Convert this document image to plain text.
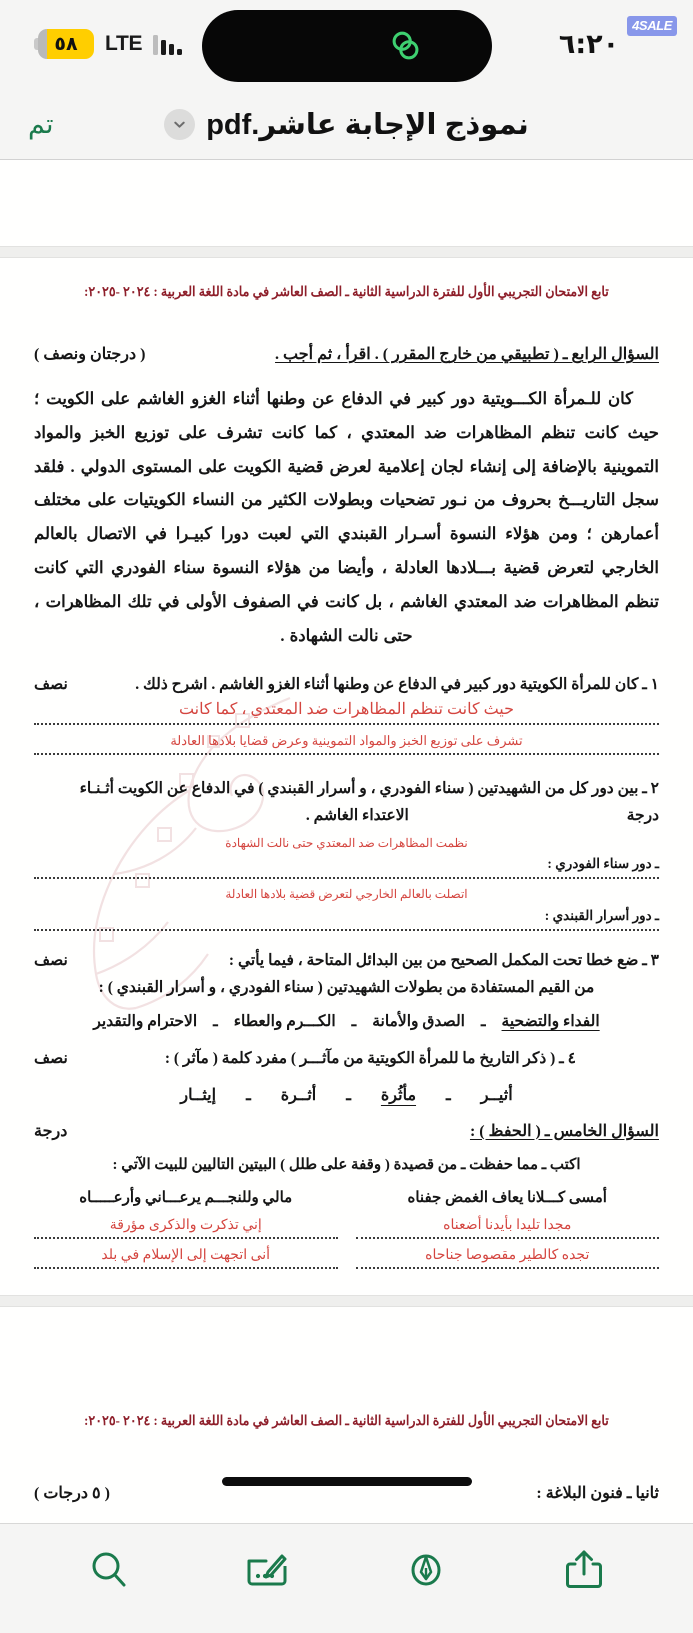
٥٨ LTE	٦:٢٠
4SALE
تم	نموذج الإجابة عاشر.pdf
تابع الامتحان التجريبي الأول للفترة الدراسية الثانية ـ الصف العاشر في مادة اللغة العربية : ٢٠٢٤ -٢٠٢٥:
السؤال الرابع ـ ( تطبيقي من خارج المقرر ) . اقرأ ، ثم أجب .
( درجتان ونصف )

كان للـمرأة الكـــويتية دور كبير في الدفاع عن وطنها أثناء الغزو الغاشم على الكويت ؛ حيث كانت تنظم المظاهرات ضد المعتدي ، كما كانت تشرف على توزيع الخبز والمواد التموينية بالإضافة إلى إنشاء لجان إعلامية لعرض قضية الكويت على المستوى الدولي . فلقد سجل التاريـــخ بحروف من نـور تضحيات وبطولات الكثير من النساء الكويتيات على مختلف أعمارهن ؛ ومن هؤلاء النسوة أسـرار القبندي التي لعبت دورا كبيـرا في الاتصال بالعالم الخارجي لتعرض قضية بـــلادها العادلة ، وأيضا من هؤلاء النسوة سناء الفودري التي كانت تنظم المظاهرات ضد المعتدي الغاشم ، بل كانت في الصفوف الأولى في تلك المظاهرات ، حتى نالت الشهادة .

١ ـ كان للمرأة الكويتية دور كبير في الدفاع عن وطنها أثناء الغزو الغاشم . اشرح ذلك .
نصف
حيث كانت تنظم المظاهرات ضد المعتدي ، كما كانت
تشرف على توزيع الخبز والمواد التموينية وعرض قضايا بلادها العادلة
٢ ـ بين دور كل من الشهيدتين ( سناء الفودري ، و أسرار القبندي ) في الدفاع عن الكويت أثـنـاء
درجة
الاعتداء الغاشم .
نظمت المظاهرات ضد المعتدي حتى نالت الشهادة
ـ دور سناء الفودري :
اتصلت بالعالم الخارجي لتعرض قضية بلادها العادلة
ـ دور أسرار القبندي :
٣ ـ ضع خطا تحت المكمل الصحيح من بين البدائل المتاحة ، فيما يأتي :
نصف
من القيم المستفادة من بطولات الشهيدتين ( سناء الفودري ، و أسرار القبندي ) :
الفداء والتضحية
ـ
الصدق والأمانة
ـ
الكـــرم والعطاء
ـ
الاحترام والتقدير
٤ ـ ( ذكر التاريخ ما للمرأة الكويتية من مآثـــر ) مفرد كلمة ( مآثر ) :
نصف
أثيــر
ـ
مأثُرة
ـ
أثــرة
ـ
إيثــار
السؤال الخامس ـ ( الحفظ ) :
درجة
اكتب ـ مما حفظت ـ من قصيدة ( وقفة على طلل ) البيتين التاليين للبيت الآتي :
أمسى كـــلانا يعاف الغمض جفناه
مالي وللنجـــم يرعـــاني وأرعـــــاه
مجدا تليدا بأيدنا أضعناه
إني تذكرت والذكرى مؤرقة
تجده كالطير مقصوصا جناحاه
أنى اتجهت إلى الإسلام في بلد
تابع الامتحان التجريبي الأول للفترة الدراسية الثانية ـ الصف العاشر في مادة اللغة العربية : ٢٠٢٤ -٢٠٢٥:
ثانيا ـ فنون البلاغة :
( ٥ درجات )
